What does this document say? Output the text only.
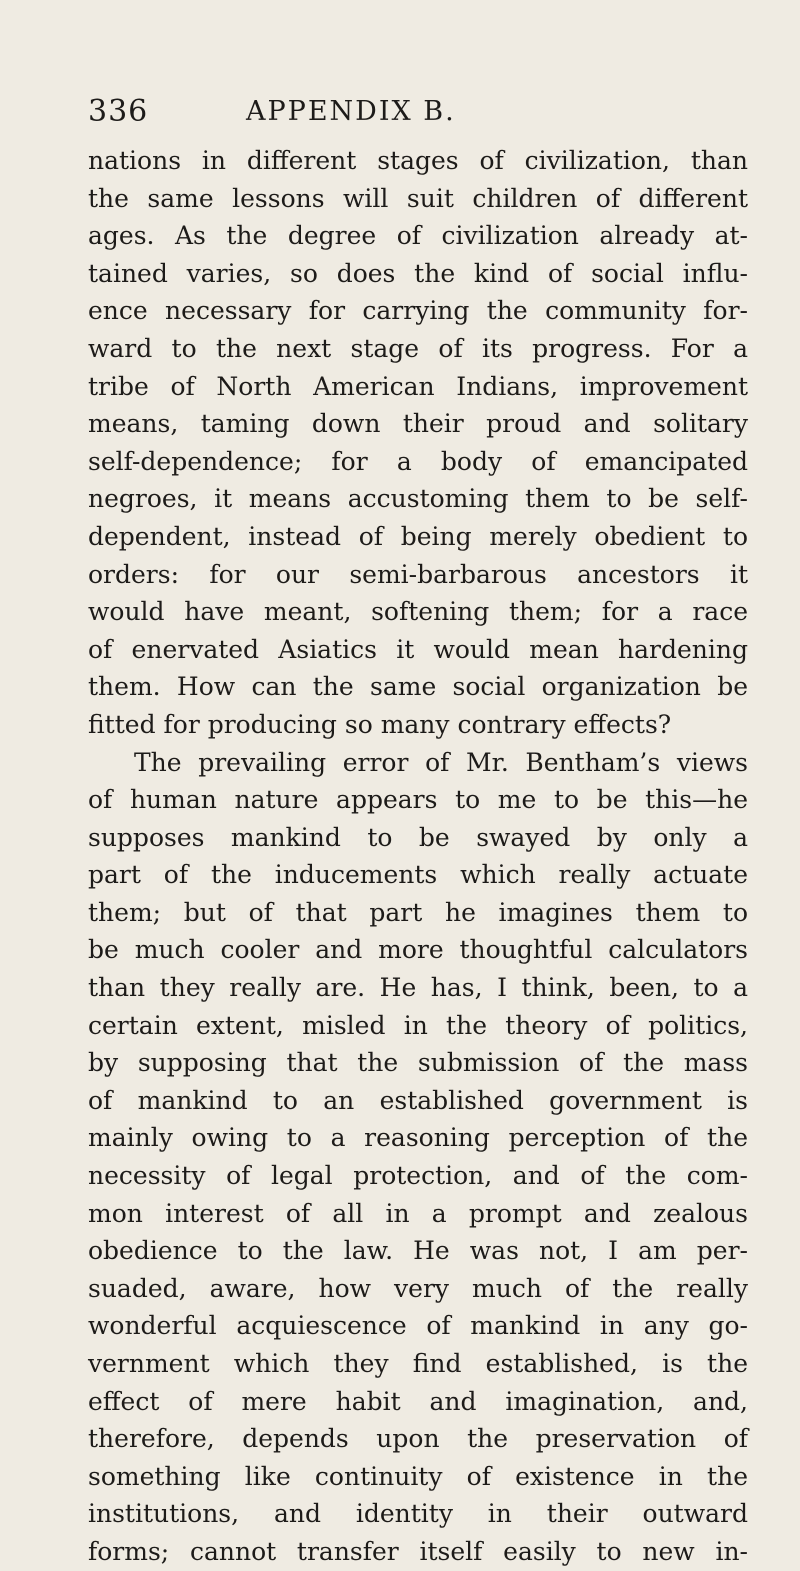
336	APPENDIX B.
nations in different stages of civilization, than
the same lessons will suit children of different
ages. As the degree of civilization already at-
tained varies, so does the kind of social influ-
ence necessary for carrying the community for-
ward to the next stage of its progress. For a
tribe of North American Indians, improvement
means, taming down their proud and solitary
self-dependence; for a body of emancipated
negroes, it means accustoming them to be self-
dependent, instead of being merely obedient to
orders: for our semi-barbarous ancestors it
would have meant, softening them; for a race
of enervated Asiatics it would mean hardening
them. How can the same social organization be
fitted for producing so many contrary effects?
The prevailing error of Mr. Bentham’s views
of human nature appears to me to be this—he
supposes mankind to be swayed by only a
part of the inducements which really actuate
them; but of that part he imagines them to
be much cooler and more thoughtful calculators
than they really are. He has, I think, been, to a
certain extent, misled in the theory of politics,
by supposing that the submission of the mass
of mankind to an established government is
mainly owing to a reasoning perception of the
necessity of legal protection, and of the com-
mon interest of all in a prompt and zealous
obedience to the law. He was not, I am per-
suaded, aware, how very much of the really
wonderful acquiescence of mankind in any go-
vernment which they find established, is the
effect of mere habit and imagination, and,
therefore, depends upon the preservation of
something like continuity of existence in the
institutions, and identity in their outward
forms; cannot transfer itself easily to new in-
